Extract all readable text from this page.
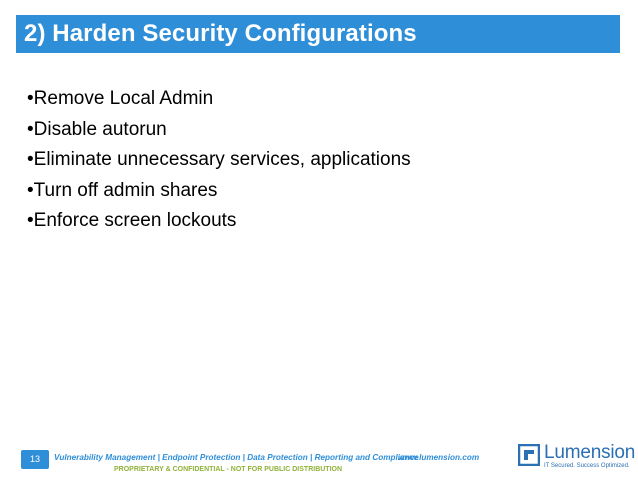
2) Harden Security Configurations
•Remove Local Admin
•Disable autorun
•Eliminate unnecessary services, applications
•Turn off admin shares
•Enforce screen lockouts
13	Vulnerability Management | Endpoint Protection | Data Protection | Reporting and Compliance
PROPRIETARY & CONFIDENTIAL - NOT FOR PUBLIC DISTRIBUTION
www.lumension.com	Lumension
IT Secured. Success Optimized.
